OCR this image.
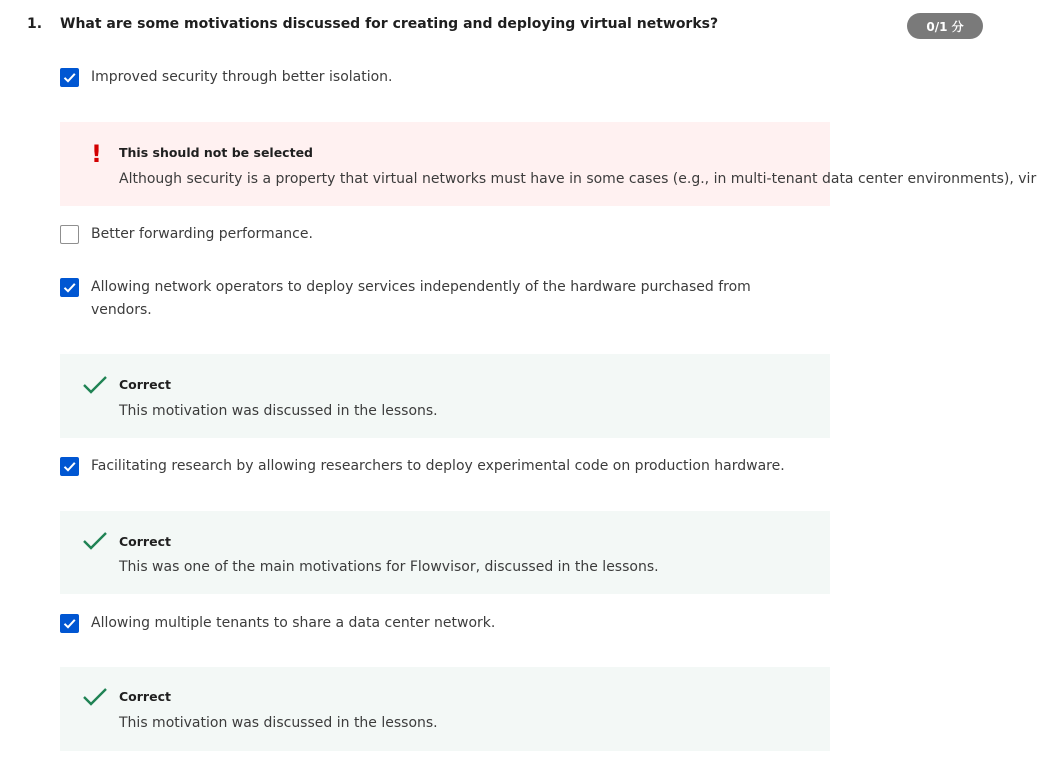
1. What are some motivations discussed for creating and deploying virtual networks?	0/1 分
Improved security through better isolation.
! This should not be selected
Although security is a property that virtual networks must have in some cases (e.g., in multi-tenant data center environments), vir
Better forwarding performance.
Allowing network operators to deploy services independently of the hardware purchased from vendors.
Correct
This motivation was discussed in the lessons.
Facilitating research by allowing researchers to deploy experimental code on production hardware.
Correct
This was one of the main motivations for Flowvisor, discussed in the lessons.
Allowing multiple tenants to share a data center network.
Correct
This motivation was discussed in the lessons.
